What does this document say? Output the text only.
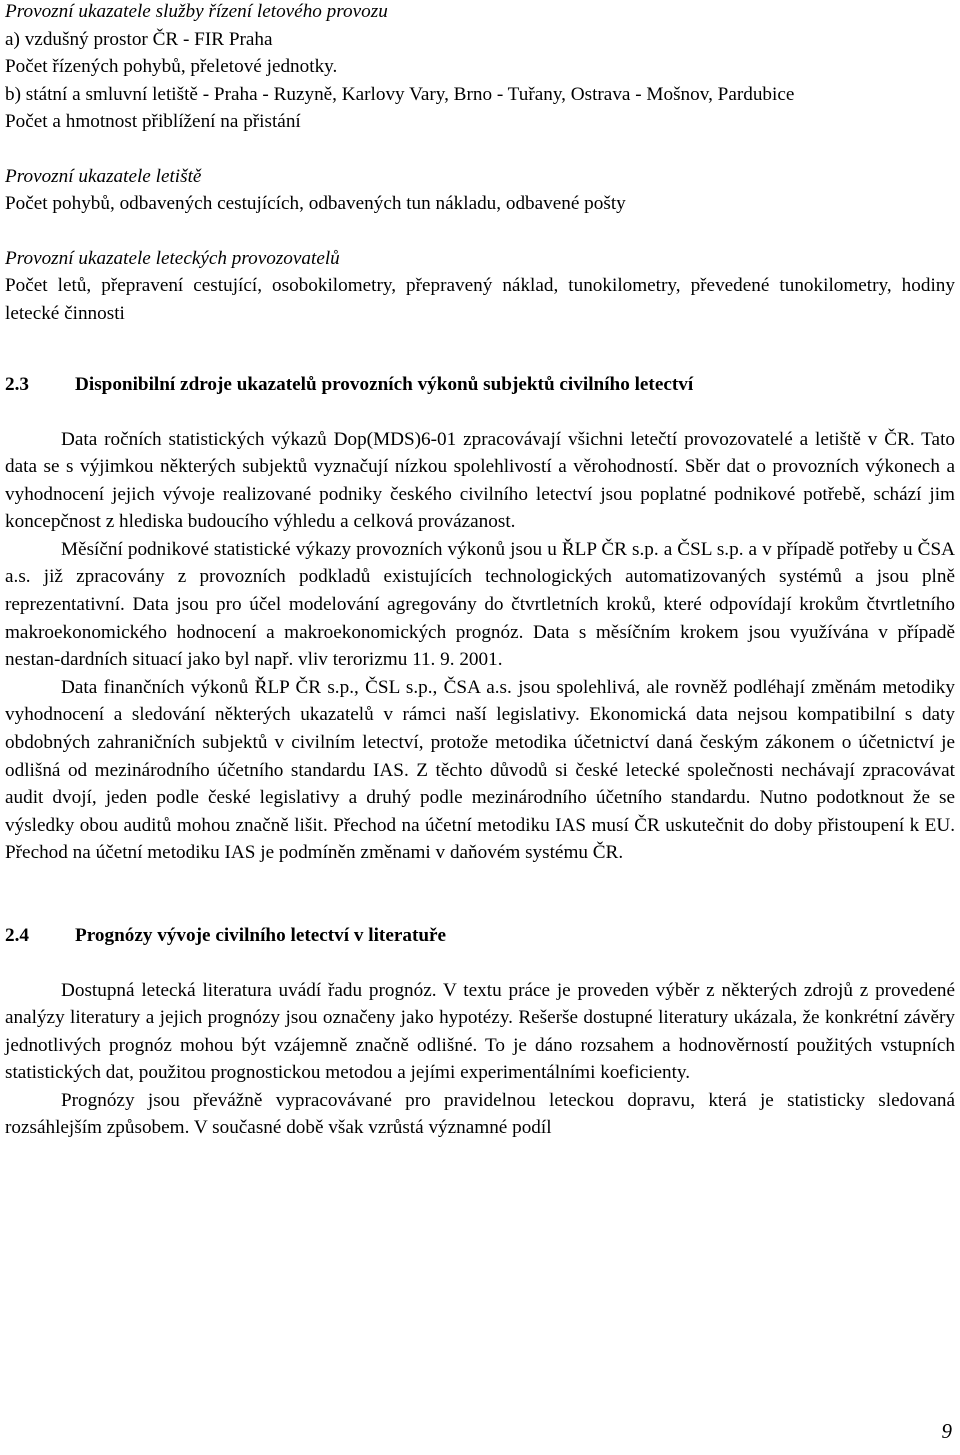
Provozní ukazatele služby řízení letového provozu
a) vzdušný prostor ČR - FIR Praha
Počet řízených pohybů, přeletové jednotky.
b) státní a smluvní letiště - Praha - Ruzyně, Karlovy Vary, Brno - Tuřany, Ostrava - Mošnov, Pardubice
Počet a hmotnost přiblížení na přistání
Provozní ukazatele letiště
Počet pohybů, odbavených cestujících, odbavených tun nákladu, odbavené pošty
Provozní ukazatele leteckých provozovatelů
Počet letů, přepravení cestující, osobokilometry, přepravený náklad, tunokilometry, převedené tunokilometry, hodiny letecké činnosti
2.3	Disponibilní zdroje ukazatelů provozních výkonů subjektů civilního letectví
Data ročních statistických výkazů Dop(MDS)6-01 zpracovávají všichni letečtí provozovatelé a letiště v ČR. Tato data se s výjimkou některých subjektů vyznačují nízkou spolehlivostí a věrohodností. Sběr dat o provozních výkonech a vyhodnocení jejich vývoje realizované podniky českého civilního letectví jsou poplatné podnikové potřebě, schází jim koncepčnost z hlediska budoucího výhledu a celková provázanost.
Měsíční podnikové statistické výkazy provozních výkonů jsou u ŘLP ČR s.p. a ČSL s.p. a v případě potřeby u ČSA a.s. již zpracovány z provozních podkladů existujících technologických automatizovaných systémů a jsou plně reprezentativní. Data jsou pro účel modelování agregovány do čtvrtletních kroků, které odpovídají krokům čtvrtletního makroekonomického hodnocení a makroekonomických prognóz. Data s měsíčním krokem jsou využívána v případě nestan-dardních situací jako byl např. vliv terorizmu 11. 9. 2001.
Data finančních výkonů ŘLP ČR s.p., ČSL s.p., ČSA a.s. jsou spolehlivá, ale rovněž podléhají změnám metodiky vyhodnocení a sledování některých ukazatelů v rámci naší legislativy. Ekonomická data nejsou kompatibilní s daty obdobných zahraničních subjektů v civilním letectví, protože metodika účetnictví daná českým zákonem o účetnictví je odlišná od mezinárodního účetního standardu IAS. Z těchto důvodů si české letecké společnosti nechávají zpracovávat audit dvojí, jeden podle české legislativy a druhý podle mezinárodního účetního standardu. Nutno podotknout že se výsledky obou auditů mohou značně lišit. Přechod na účetní metodiku IAS musí ČR uskutečnit do doby přistoupení k EU. Přechod na účetní metodiku IAS je podmíněn změnami v daňovém systému ČR.
2.4	Prognózy vývoje civilního letectví v literatuře
Dostupná letecká literatura uvádí řadu prognóz. V textu práce je proveden výběr z některých zdrojů z provedené analýzy literatury a jejich prognózy jsou označeny jako hypotézy. Rešerše dostupné literatury ukázala, že konkrétní závěry jednotlivých prognóz mohou být vzájemně značně odlišné. To je dáno rozsahem a hodnověrností použitých vstupních statistických dat, použitou prognostickou metodou a jejími experimentálními koeficienty.
Prognózy jsou převážně vypracovávané pro pravidelnou leteckou dopravu, která je statisticky sledovaná rozsáhlejším způsobem. V současné době však vzrůstá významné podíl
9
